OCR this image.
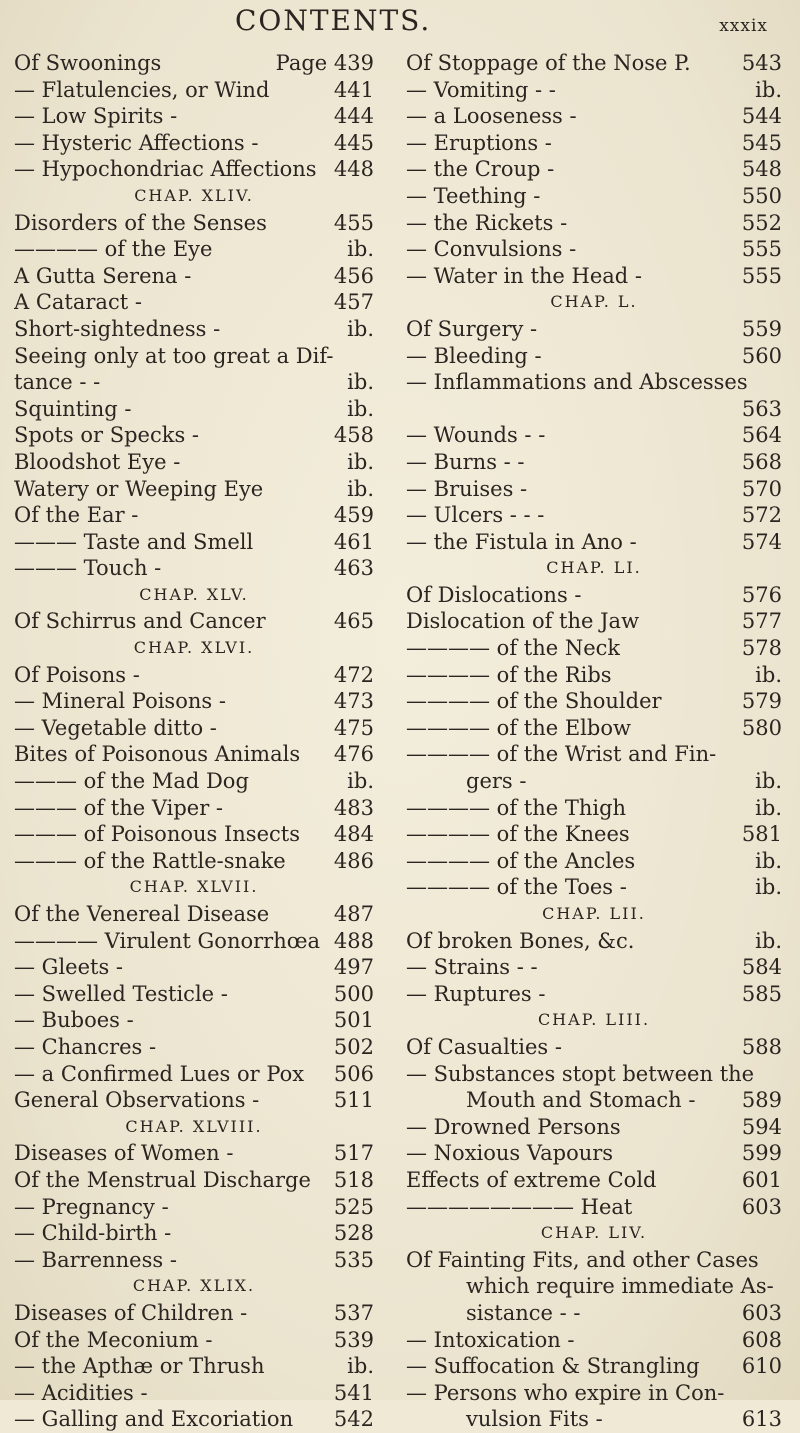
CONTENTS.	xxxix
Of Swoonings	Page 439
— Flatulencies, or Wind	441
— Low Spirits -	444
— Hysteric Affections -	445
— Hypochondriac Affections 448
CHAP. XLIV.
Disorders of the Senses	455
———— of the Eye	ib.
A Gutta Serena -	456
A Cataract -	457
Short-sightedness -	ib.
Seeing only at too great a Dif-
tance - -	ib.
Squinting -	ib.
Spots or Specks -	458
Bloodshot Eye -	ib.
Watery or Weeping Eye	ib.
Of the Ear -	459
——— Taste and Smell	461
——— Touch -	463
CHAP. XLV.
Of Schirrus and Cancer	465
CHAP. XLVI.
Of Poisons -	472
— Mineral Poisons -	473
— Vegetable ditto -	475
Bites of Poisonous Animals 476
——— of the Mad Dog	ib.
——— of the Viper -	483
——— of Poisonous Insects 484
——— of the Rattle-snake 486
CHAP. XLVII.
Of the Venereal Disease	487
———— Virulent Gonorrhœa 488
— Gleets -	497
— Swelled Testicle -	500
— Buboes -	501
— Chancres -	502
— a Confirmed Lues or Pox 506
General Observations -	511
CHAP. XLVIII.
Diseases of Women -	517
Of the Menstrual Discharge 518
— Pregnancy -	525
— Child-birth -	528
— Barrenness -	535
CHAP. XLIX.
Diseases of Children -	537
Of the Meconium -	539
— the Apthæ or Thrush	ib.
— Acidities -	541
— Galling and Excoriation 542
Of Stoppage of the Nose P. 543
— Vomiting - -	ib.
— a Looseness -	544
— Eruptions -	545
— the Croup -	548
— Teething -	550
— the Rickets -	552
— Convulsions -	555
— Water in the Head -	555
CHAP. L.
Of Surgery -	559
— Bleeding -	560
— Inflammations and Abscesses
563
— Wounds - -	564
— Burns - -	568
— Bruises -	570
— Ulcers - - -	572
— the Fistula in Ano -	574
CHAP. LI.
Of Dislocations -	576
Dislocation of the Jaw	577
———— of the Neck	578
———— of the Ribs	ib.
———— of the Shoulder	579
———— of the Elbow	580
———— of the Wrist and Fin-
gers -	ib.
———— of the Thigh	ib.
———— of the Knees	581
———— of the Ancles	ib.
———— of the Toes -	ib.
CHAP. LII.
Of broken Bones, &c.	ib.
— Strains - -	584
— Ruptures -	585
CHAP. LIII.
Of Casualties -	588
— Substances stopt between the
Mouth and Stomach - 589
— Drowned Persons	594
— Noxious Vapours	599
Effects of extreme Cold	601
———————— Heat	603
CHAP. LIV.
Of Fainting Fits, and other Cases
which require immediate As-
sistance - -	603
— Intoxication -	608
— Suffocation & Strangling 610
— Persons who expire in Con-
vulsion Fits -	613
